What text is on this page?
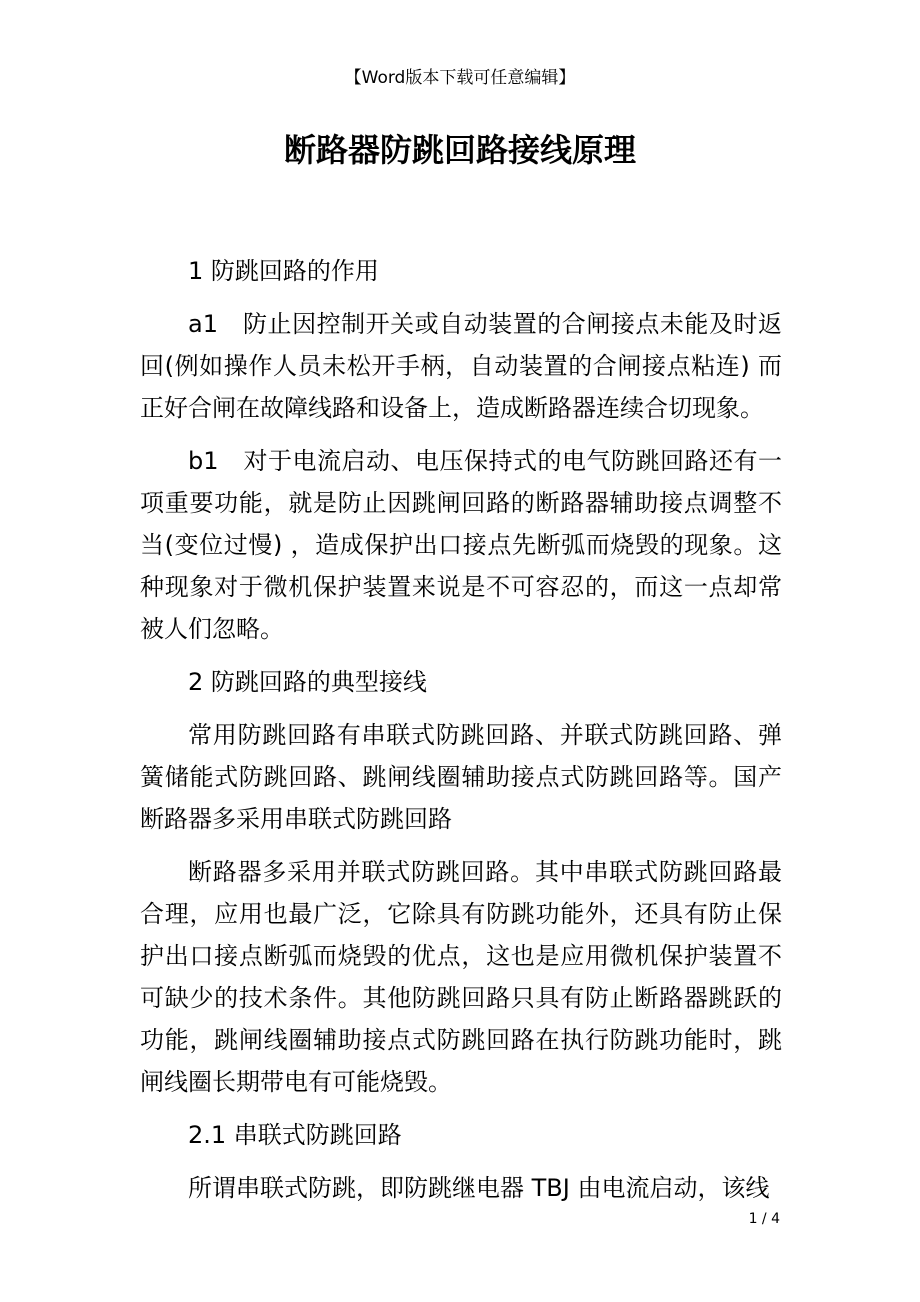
【Word版本下载可任意编辑】
断路器防跳回路接线原理

1 防跳回路的作用

a1　防止因控制开关或自动装置的合闸接点未能及时返回(例如操作人员未松开手柄，自动装置的合闸接点粘连) 而正好合闸在故障线路和设备上，造成断路器连续合切现象。

b1　对于电流启动、电压保持式的电气防跳回路还有一项重要功能，就是防止因跳闸回路的断路器辅助接点调整不当(变位过慢) ，造成保护出口接点先断弧而烧毁的现象。这种现象对于微机保护装置来说是不可容忍的，而这一点却常被人们忽略。

2 防跳回路的典型接线

常用防跳回路有串联式防跳回路、并联式防跳回路、弹簧储能式防跳回路、跳闸线圈辅助接点式防跳回路等。国产断路器多采用串联式防跳回路

断路器多采用并联式防跳回路。其中串联式防跳回路最合理，应用也最广泛，它除具有防跳功能外，还具有防止保护出口接点断弧而烧毁的优点，这也是应用微机保护装置不可缺少的技术条件。其他防跳回路只具有防止断路器跳跃的功能，跳闸线圈辅助接点式防跳回路在执行防跳功能时，跳闸线圈长期带电有可能烧毁。

2.1 串联式防跳回路

所谓串联式防跳，即防跳继电器 TBJ 由电流启动，该线

1 / 4
